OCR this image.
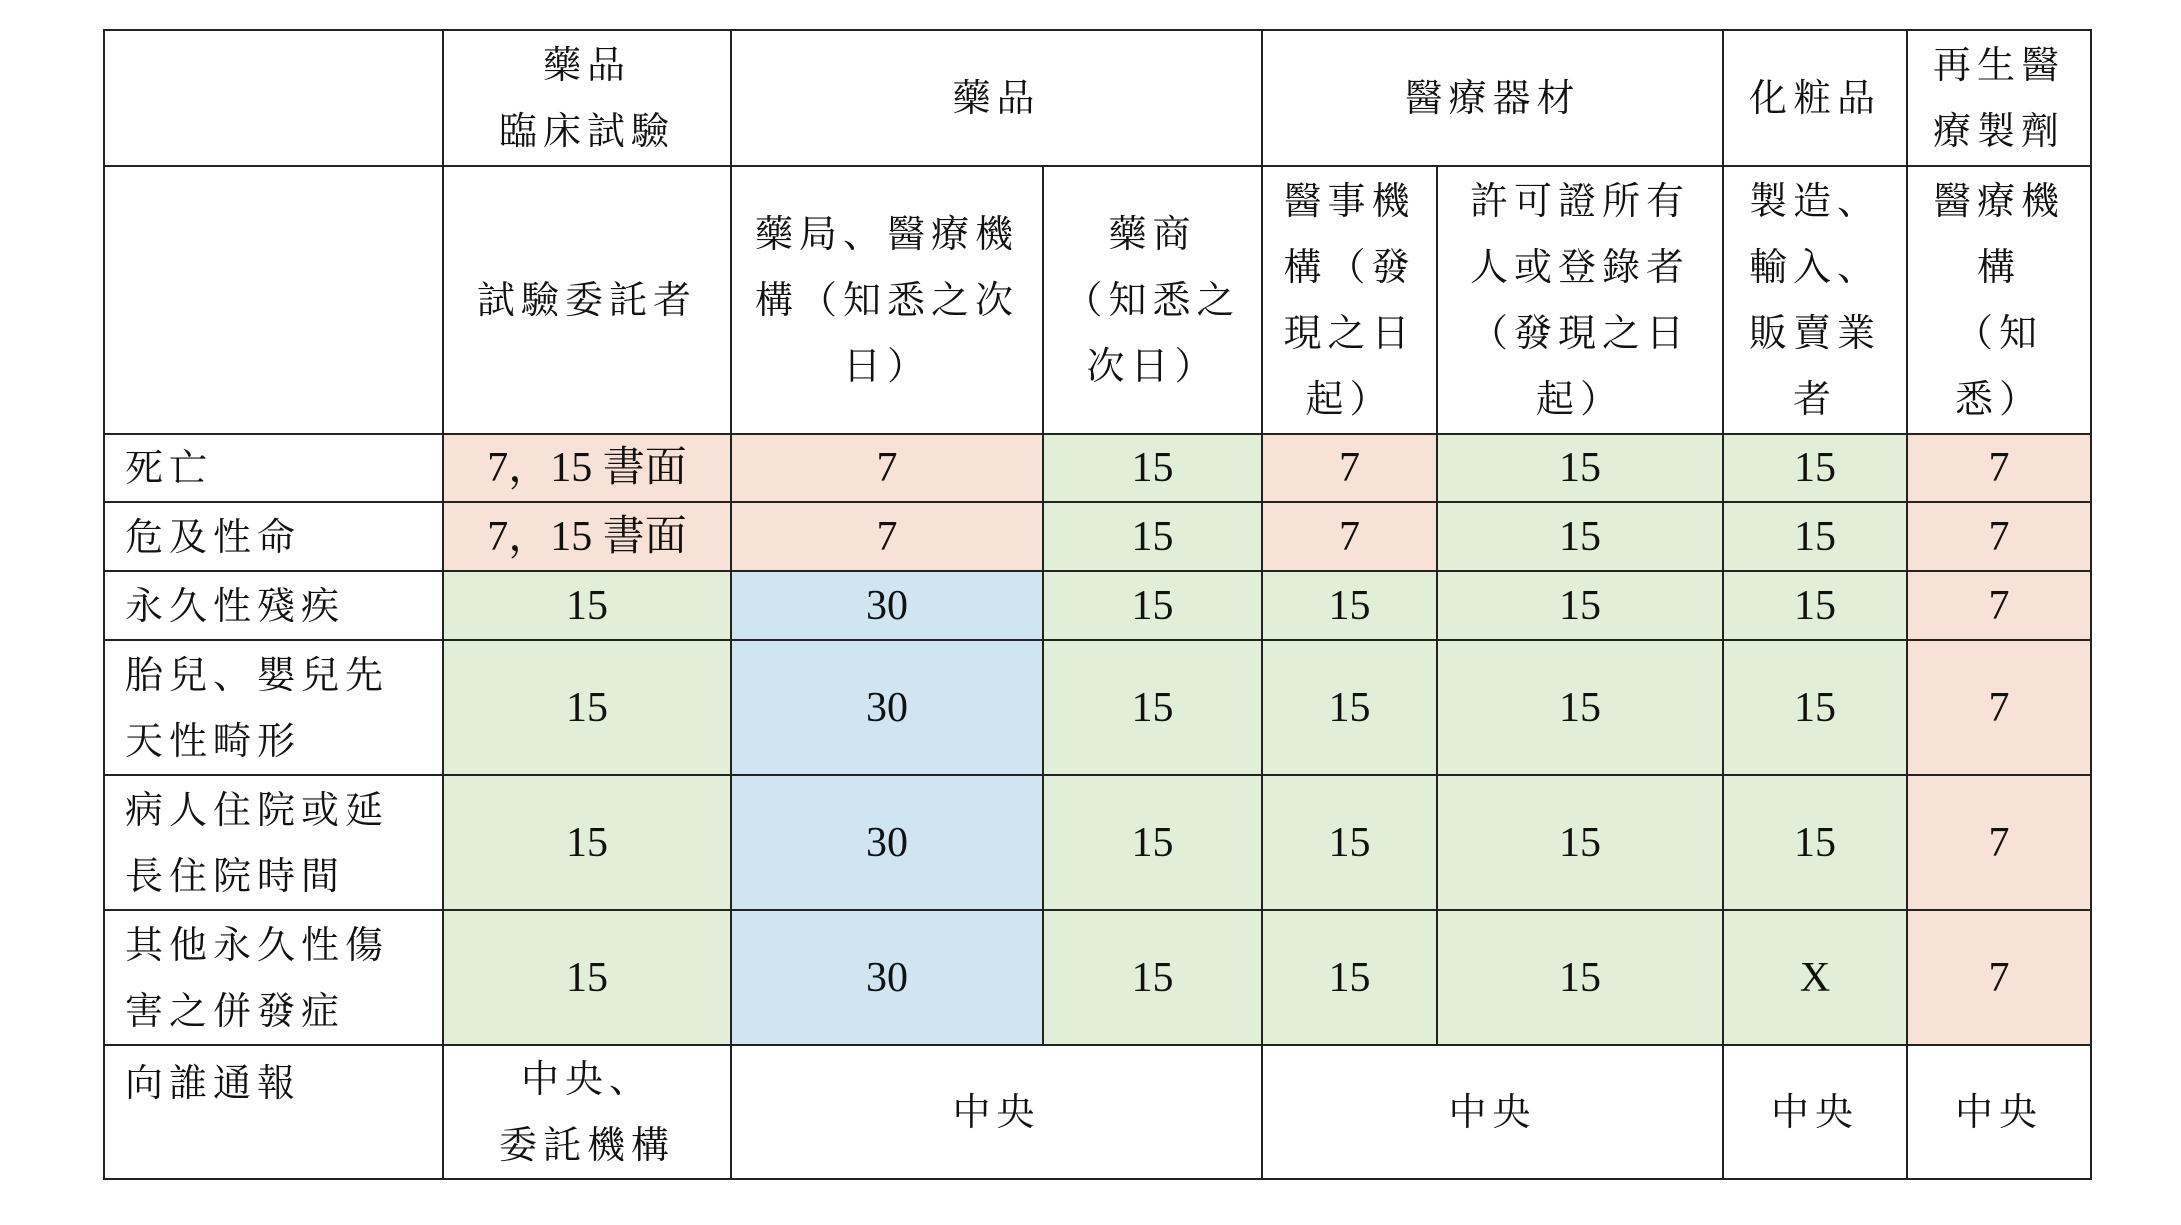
	藥品
臨床試驗	藥品		醫療器材		化粧品	再生醫
療製劑
	試驗委託者	藥局、醫療機
構（知悉之次
日）	藥商
（知悉之
次日）	醫事機
構（發
現之日
起）	許可證所有
人或登錄者
（發現之日
起）	製造、
輸入、
販賣業
者	醫療機
構
（知
悉）
死亡	7，15 書面	7	15	7	15	15	7
危及性命	7，15 書面	7	15	7	15	15	7
永久性殘疾	15	30	15	15	15	15	7
胎兒、嬰兒先
天性畸形	15	30	15	15	15	15	7
病人住院或延
長住院時間	15	30	15	15	15	15	7
其他永久性傷
害之併發症	15	30	15	15	15	X	7
向誰通報	中央、
委託機構	中央		中央		中央	中央
